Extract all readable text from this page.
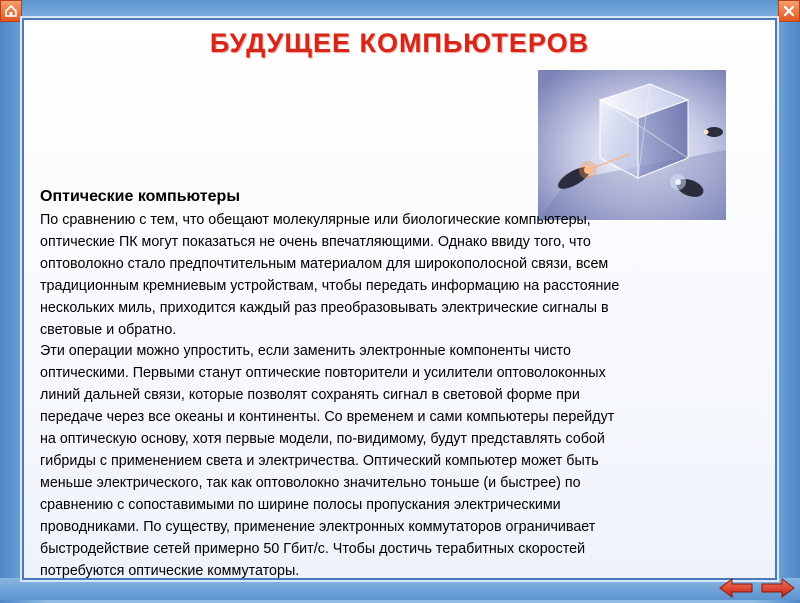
БУДУЩЕЕ КОМПЬЮТЕРОВ
Оптические компьютеры

По сравнению с тем, что обещают молекулярные или биологические компьютеры,
оптические ПК могут показаться не очень впечатляющими. Однако ввиду того, что
оптоволокно стало предпочтительным материалом для широкополосной связи, всем
традиционным кремниевым устройствам, чтобы передать информацию на расстояние
нескольких миль, приходится каждый раз преобразовывать электрические сигналы в
световые и обратно.
Эти операции можно упростить, если заменить электронные компоненты чисто
оптическими. Первыми станут оптические повторители и усилители оптоволоконных
линий дальней связи, которые позволят сохранять сигнал в световой форме при
передаче через все океаны и континенты. Со временем и сами компьютеры перейдут
на оптическую основу, хотя первые модели, по-видимому, будут представлять собой
гибриды с применением света и электричества. Оптический компьютер может быть
меньше электрического, так как оптоволокно значительно тоньше (и быстрее) по
сравнению с сопоставимыми по ширине полосы пропускания электрическими
проводниками. По существу, применение электронных коммутаторов ограничивает
быстродействие сетей примерно 50 Гбит/с. Чтобы достичь терабитных скоростей
потребуются оптические коммутаторы.
